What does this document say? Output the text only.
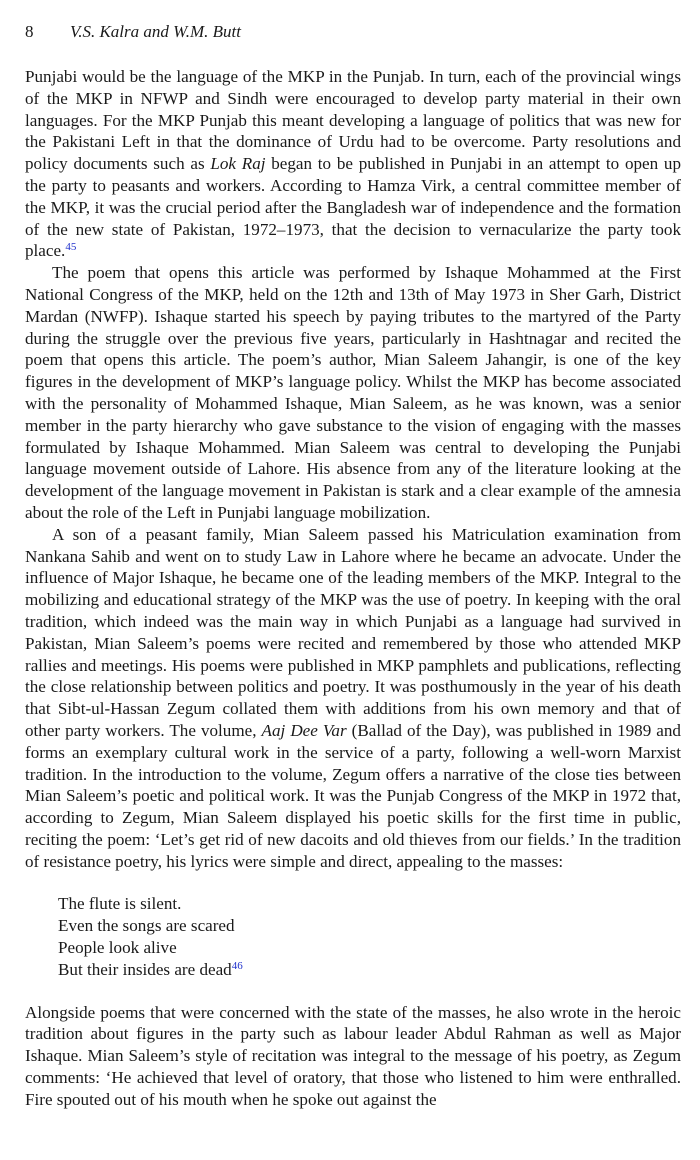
8 V.S. Kalra and W.M. Butt

Punjabi would be the language of the MKP in the Punjab. In turn, each of the provincial wings of the MKP in NFWP and Sindh were encouraged to develop party material in their own languages. For the MKP Punjab this meant developing a language of politics that was new for the Pakistani Left in that the dominance of Urdu had to be overcome. Party resolutions and policy documents such as Lok Raj began to be published in Punjabi in an attempt to open up the party to peasants and workers. According to Hamza Virk, a central committee member of the MKP, it was the crucial period after the Bangladesh war of independence and the formation of the new state of Pakistan, 1972–1973, that the decision to vernacularize the party took place.$^{45}$

The poem that opens this article was performed by Ishaque Mohammed at the First National Congress of the MKP, held on the 12th and 13th of May 1973 in Sher Garh, District Mardan (NWFP). Ishaque started his speech by paying tributes to the martyred of the Party during the struggle over the previous five years, particularly in Hashtnagar and recited the poem that opens this article. The poem’s author, Mian Saleem Jahangir, is one of the key figures in the development of MKP’s language policy. Whilst the MKP has become associated with the personality of Mohammed Ishaque, Mian Saleem, as he was known, was a senior member in the party hierarchy who gave substance to the vision of engaging with the masses formulated by Ishaque Mohammed. Mian Saleem was central to developing the Punjabi language movement outside of Lahore. His absence from any of the literature looking at the development of the language movement in Pakistan is stark and a clear example of the amnesia about the role of the Left in Punjabi language mobilization.

A son of a peasant family, Mian Saleem passed his Matriculation examination from Nankana Sahib and went on to study Law in Lahore where he became an advocate. Under the influence of Major Ishaque, he became one of the leading members of the MKP. Integral to the mobilizing and educational strategy of the MKP was the use of poetry. In keeping with the oral tradition, which indeed was the main way in which Punjabi as a language had survived in Pakistan, Mian Saleem’s poems were recited and remembered by those who attended MKP rallies and meetings. His poems were published in MKP pamphlets and publications, reflecting the close relationship between politics and poetry. It was posthumously in the year of his death that Sibt-ul-Hassan Zegum collated them with additions from his own memory and that of other party workers. The volume, Aaj Dee Var (Ballad of the Day), was published in 1989 and forms an exemplary cultural work in the service of a party, following a well-worn Marxist tradition. In the introduction to the volume, Zegum offers a narrative of the close ties between Mian Saleem’s poetic and political work. It was the Punjab Congress of the MKP in 1972 that, according to Zegum, Mian Saleem displayed his poetic skills for the first time in public, reciting the poem: ‘Let’s get rid of new dacoits and old thieves from our fields.’ In the tradition of resistance poetry, his lyrics were simple and direct, appealing to the masses:

The flute is silent.
Even the songs are scared
People look alive
But their insides are dead$^{46}$

Alongside poems that were concerned with the state of the masses, he also wrote in the heroic tradition about figures in the party such as labour leader Abdul Rahman as well as Major Ishaque. Mian Saleem’s style of recitation was integral to the message of his poetry, as Zegum comments: ‘He achieved that level of oratory, that those who listened to him were enthralled. Fire spouted out of his mouth when he spoke out against the
